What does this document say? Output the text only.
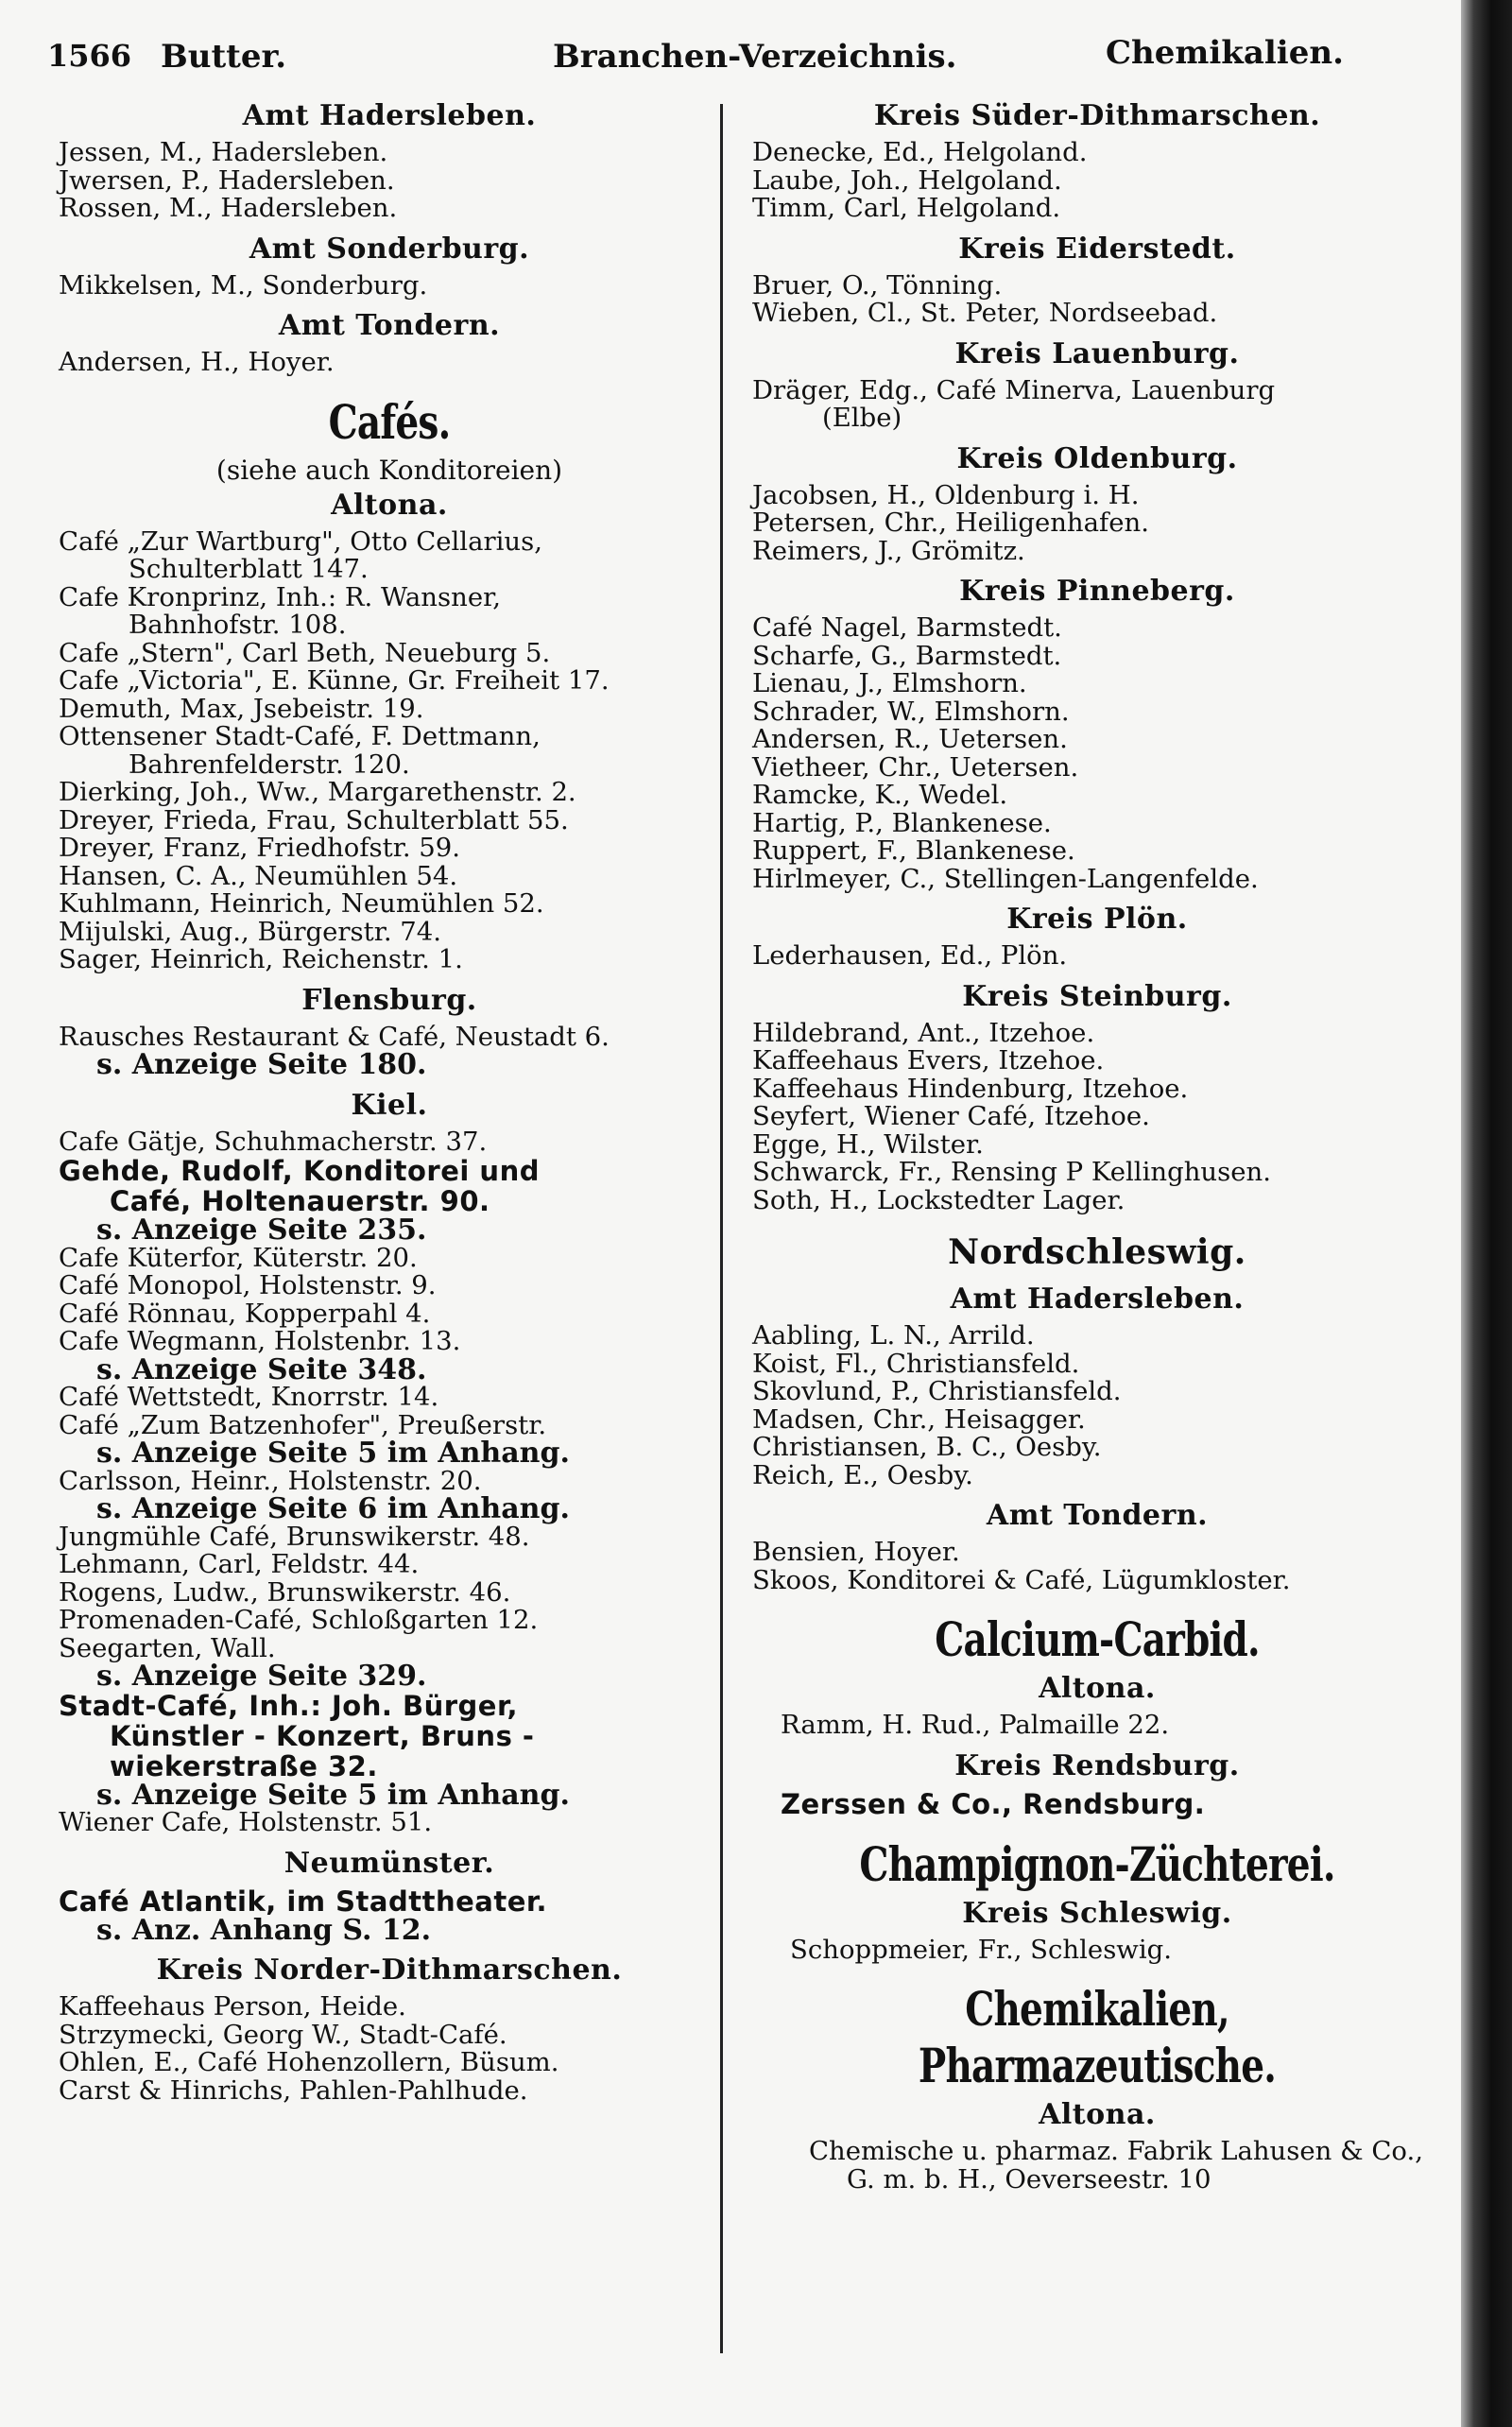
1566 Butter.	Branchen-Verzeichnis.	Chemikalien.
Amt Hadersleben.
Jessen, M., Hadersleben.
Jwersen, P., Hadersleben.
Rossen, M., Hadersleben.
Amt Sonderburg.
Mikkelsen, M., Sonderburg.
Amt Tondern.
Andersen, H., Hoyer.
Cafés.
(siehe auch Konditoreien)
Altona.
Café „Zur Wartburg", Otto Cellarius,
Schulterblatt 147.
Cafe Kronprinz, Inh.: R. Wansner,
Bahnhofstr. 108.
Cafe „Stern", Carl Beth, Neueburg 5.
Cafe „Victoria", E. Künne, Gr. Freiheit 17.
Demuth, Max, Jsebeistr. 19.
Ottensener Stadt-Café, F. Dettmann,
Bahrenfelderstr. 120.
Dierking, Joh., Ww., Margarethenstr. 2.
Dreyer, Frieda, Frau, Schulterblatt 55.
Dreyer, Franz, Friedhofstr. 59.
Hansen, C. A., Neumühlen 54.
Kuhlmann, Heinrich, Neumühlen 52.
Mijulski, Aug., Bürgerstr. 74.
Sager, Heinrich, Reichenstr. 1.
Flensburg.
Rausches Restaurant & Café, Neustadt 6.
s. Anzeige Seite 180.
Kiel.
Cafe Gätje, Schuhmacherstr. 37.
Gehde, Rudolf, Konditorei und
Café, Holtenauerstr. 90.
s. Anzeige Seite 235.
Cafe Küterfor, Küterstr. 20.
Café Monopol, Holstenstr. 9.
Café Rönnau, Kopperpahl 4.
Cafe Wegmann, Holstenbr. 13.
s. Anzeige Seite 348.
Café Wettstedt, Knorrstr. 14.
Café „Zum Batzenhofer", Preußerstr.
s. Anzeige Seite 5 im Anhang.
Carlsson, Heinr., Holstenstr. 20.
s. Anzeige Seite 6 im Anhang.
Jungmühle Café, Brunswikerstr. 48.
Lehmann, Carl, Feldstr. 44.
Rogens, Ludw., Brunswikerstr. 46.
Promenaden-Café, Schloßgarten 12.
Seegarten, Wall.
s. Anzeige Seite 329.
Stadt-Café, Inh.: Joh. Bürger,
Künstler - Konzert, Bruns -
wiekerstraße 32.
s. Anzeige Seite 5 im Anhang.
Wiener Cafe, Holstenstr. 51.
Neumünster.
Café Atlantik, im Stadttheater.
s. Anz. Anhang S. 12.
Kreis Norder-Dithmarschen.
Kaffeehaus Person, Heide.
Strzymecki, Georg W., Stadt-Café.
Ohlen, E., Café Hohenzollern, Büsum.
Carst & Hinrichs, Pahlen-Pahlhude.
Kreis Süder-Dithmarschen.
Denecke, Ed., Helgoland.
Laube, Joh., Helgoland.
Timm, Carl, Helgoland.
Kreis Eiderstedt.
Bruer, O., Tönning.
Wieben, Cl., St. Peter, Nordseebad.
Kreis Lauenburg.
Dräger, Edg., Café Minerva, Lauenburg
(Elbe)
Kreis Oldenburg.
Jacobsen, H., Oldenburg i. H.
Petersen, Chr., Heiligenhafen.
Reimers, J., Grömitz.
Kreis Pinneberg.
Café Nagel, Barmstedt.
Scharfe, G., Barmstedt.
Lienau, J., Elmshorn.
Schrader, W., Elmshorn.
Andersen, R., Uetersen.
Vietheer, Chr., Uetersen.
Ramcke, K., Wedel.
Hartig, P., Blankenese.
Ruppert, F., Blankenese.
Hirlmeyer, C., Stellingen-Langenfelde.
Kreis Plön.
Lederhausen, Ed., Plön.
Kreis Steinburg.
Hildebrand, Ant., Itzehoe.
Kaffeehaus Evers, Itzehoe.
Kaffeehaus Hindenburg, Itzehoe.
Seyfert, Wiener Café, Itzehoe.
Egge, H., Wilster.
Schwarck, Fr., Rensing P Kellinghusen.
Soth, H., Lockstedter Lager.
Nordschleswig.
Amt Hadersleben.
Aabling, L. N., Arrild.
Koist, Fl., Christiansfeld.
Skovlund, P., Christiansfeld.
Madsen, Chr., Heisagger.
Christiansen, B. C., Oesby.
Reich, E., Oesby.
Amt Tondern.
Bensien, Hoyer.
Skoos, Konditorei & Café, Lügumkloster.
Calcium-Carbid.
Altona.
Ramm, H. Rud., Palmaille 22.
Kreis Rendsburg.
Zerssen & Co., Rendsburg.
Champignon-Züchterei.
Kreis Schleswig.
Schoppmeier, Fr., Schleswig.
Chemikalien, Pharmazeutische.
Altona.
Chemische u. pharmaz. Fabrik Lahusen & Co.,
G. m. b. H., Oeverseestr. 10
